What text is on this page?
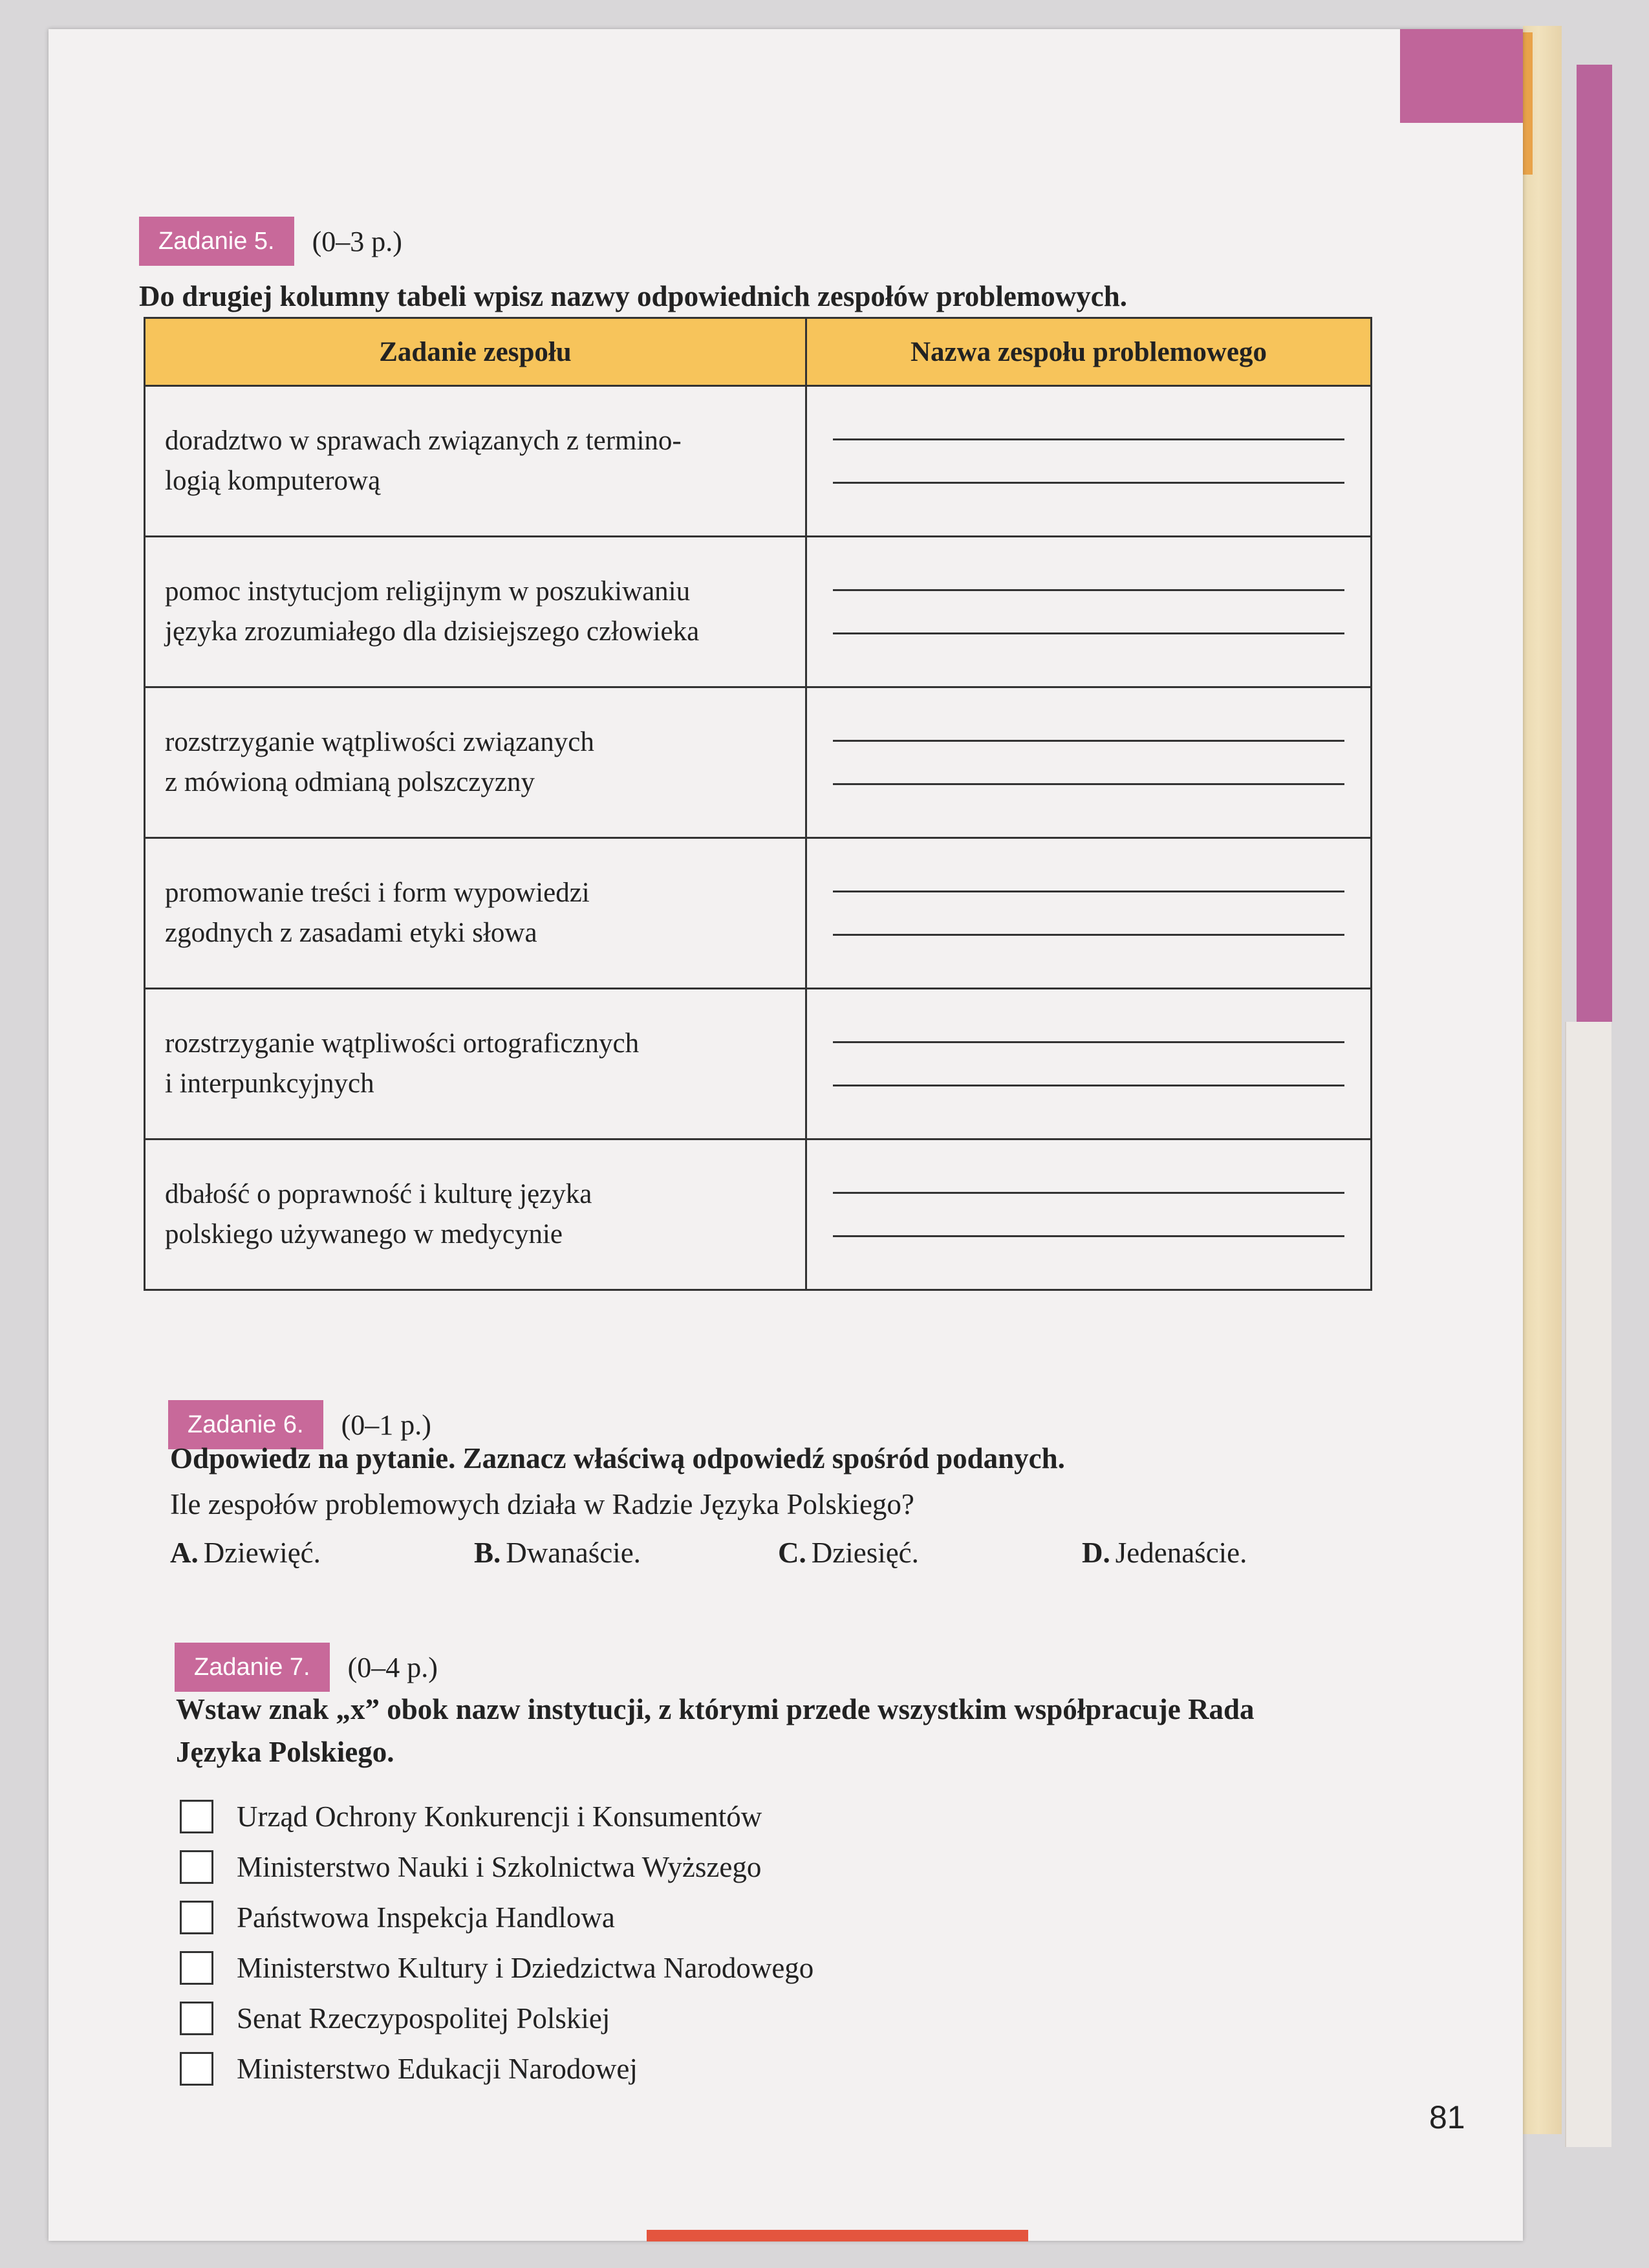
Zadanie 5.	(0–3 p.)
Do drugiej kolumny tabeli wpisz nazwy odpowiednich zespołów problemowych.
Zadanie zespołu	Nazwa zespołu problemowego

doradztwo w sprawach związanych z termino-
logią komputerową	

pomoc instytucjom religijnym w poszukiwaniu
języka zrozumiałego dla dzisiejszego człowieka	

rozstrzyganie wątpliwości związanych
z mówioną odmianą polszczyzny	

promowanie treści i form wypowiedzi
zgodnych z zasadami etyki słowa	

rozstrzyganie wątpliwości ortograficznych
i interpunkcyjnych	

dbałość o poprawność i kulturę języka
polskiego używanego w medycynie	

Zadanie 6.	(0–1 p.)
Odpowiedz na pytanie. Zaznacz właściwą odpowiedź spośród podanych.
Ile zespołów problemowych działa w Radzie Języka Polskiego?
A. Dziewięć.	B. Dwanaście.	C. Dziesięć.	D. Jedenaście.
Zadanie 7.	(0–4 p.)
Wstaw znak „x” obok nazw instytucji, z którymi przede wszystkim współpracuje Rada
Języka Polskiego.
Urząd Ochrony Konkurencji i Konsumentów
Ministerstwo Nauki i Szkolnictwa Wyższego
Państwowa Inspekcja Handlowa
Ministerstwo Kultury i Dziedzictwa Narodowego
Senat Rzeczypospolitej Polskiej
Ministerstwo Edukacji Narodowej
81
